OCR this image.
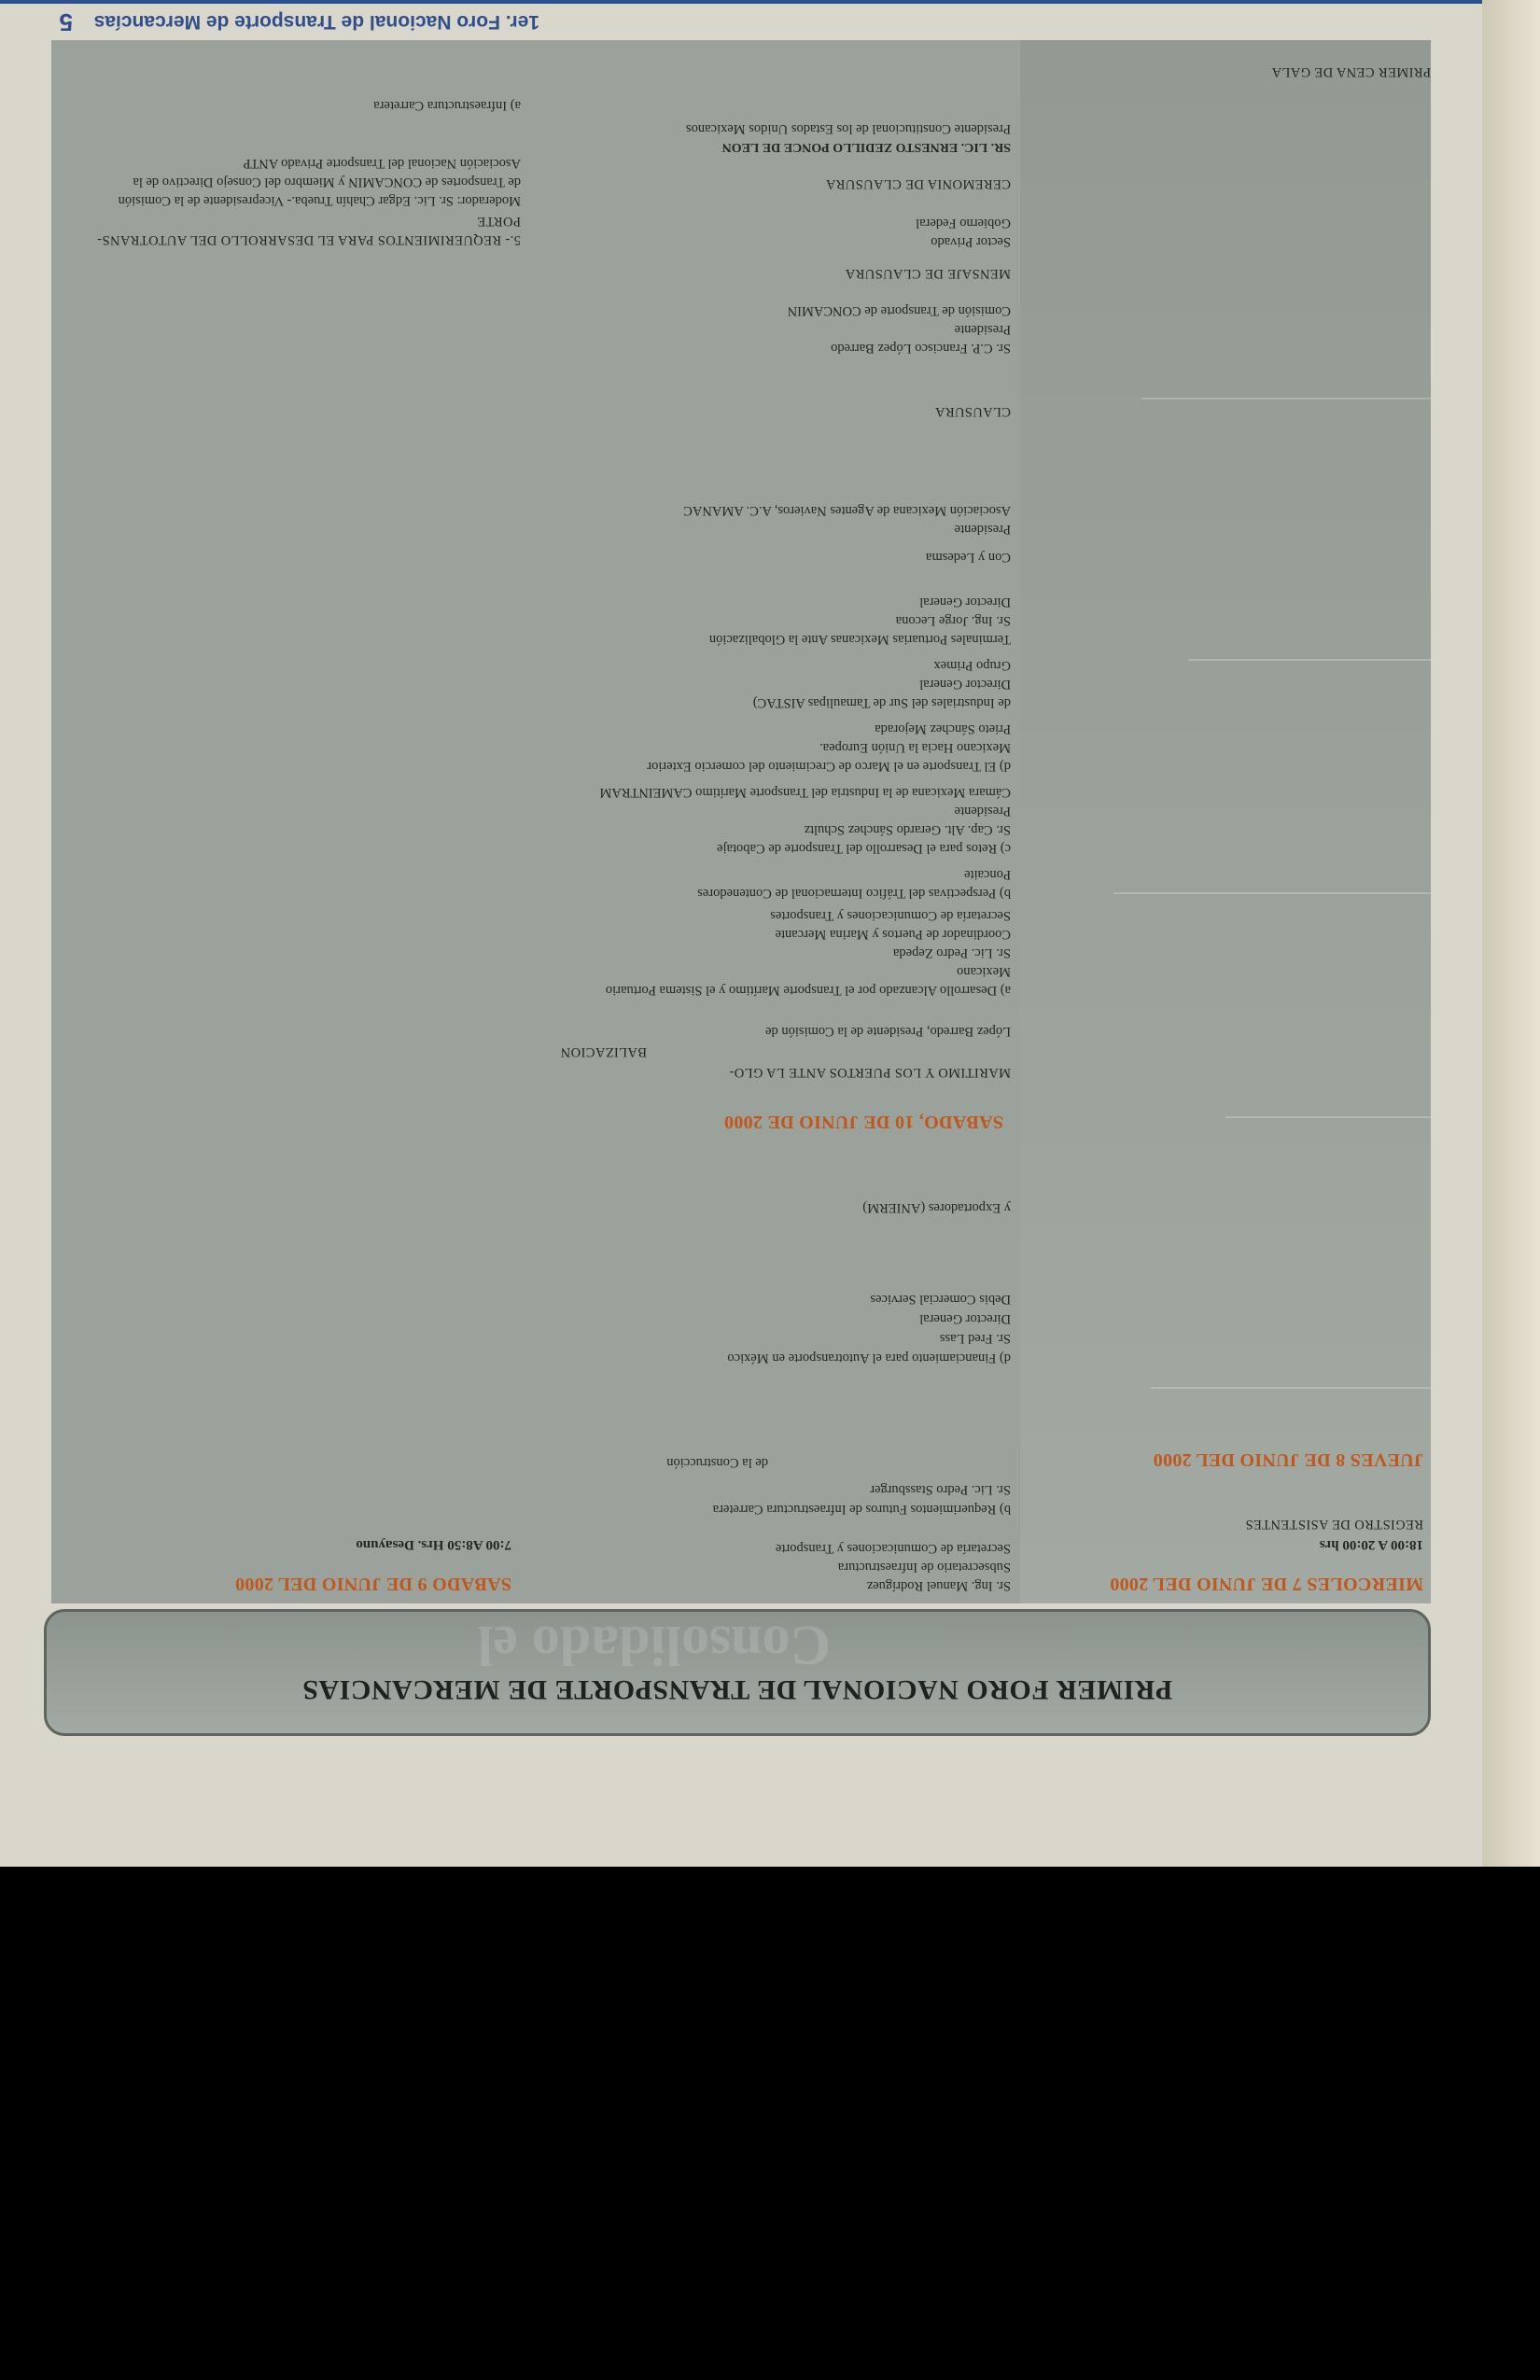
1er. Foro Nacional de Transporte de Mercancías
5
Consolidado el
PRIMER FORO NACIONAL DE TRANSPORTE DE MERCANCIAS
MIERCOLES 7 DE JUNIO DEL 2000
18:00 A 20:00 hrs
REGISTRO DE ASISTENTES
JUEVES 8 DE JUNIO DEL 2000
Sr. Ing. Manuel Rodríguez
Subsecretario de Infraestructura
Secretaría de Comunicaciones y Transporte
b) Requerimientos Futuros de Infraestructura Carretera
Sr. Lic. Pedro Stassburger
de la Construcción
d) Financiamiento para el Autotransporte en México
Sr. Fred Lass
Director General
Debis Comercial Services
y Exportadores (ANIERM)
SABADO, 10 DE JUNIO DE 2000
MARITIMO Y LOS PUERTOS ANTE LA GLO-
BALIZACION
López Barredo, Presidente de la Comisión de
a) Desarrollo Alcanzado por el Transporte Marítimo y el Sistema Portuario
Mexicano
Sr. Lic. Pedro Zepeda
Coordinador de Puertos y Marina Mercante
Secretaría de Comunicaciones y Transportes
b) Perspectivas del Tráfico Internacional de Contenedores
Poncaite
c) Retos para el Desarrollo del Transporte de Cabotaje
Sr. Cap. Alt. Gerardo Sánchez Schultz
Presidente
Cámara Mexicana de la Industria del Transporte Marítimo CAMEINTRAM
d) El Transporte en el Marco de Crecimiento del comercio Exterior
Mexicano Hacia la Unión Europea.
Prieto Sánchez Mejorada
de Industriales del Sur de Tamaulipas AISTAC)
Director General
Grupo Primex
Terminales Portuarias Mexicanas Ante la Globalización
Sr. Ing. Jorge Lecona
Director General
Con y Ledesma
Presidente
Asociación Mexicana de Agentes Navieros, A.C. AMANAC
CLAUSURA
Sr. C.P. Francisco López Barredo
Presidente
Comisión de Transporte de CONCAMIN
MENSAJE DE CLAUSURA
Sector Privado
Gobierno Federal
CEREMONIA DE CLAUSURA
SR. LIC. ERNESTO ZEDILLO PONCE DE LEON
Presidente Constitucional de los Estados Unidos Mexicanos
PRIMER CENA DE GALA
SABADO 9 DE JUNIO DEL 2000
7:00 A8:50 Hrs. Desayuno
5.- REQUERIMIENTOS PARA EL DESARROLLO DEL AUTOTRANS-
PORTE
Moderador: Sr. Lic. Edgar Chahín Trueba.- Vicepresidente de la Comisión
de Transportes de CONCAMIN y Miembro del Consejo Directivo de la
Asociación Nacional del Transporte Privado ANTP
a) Infraestructura Carretera
